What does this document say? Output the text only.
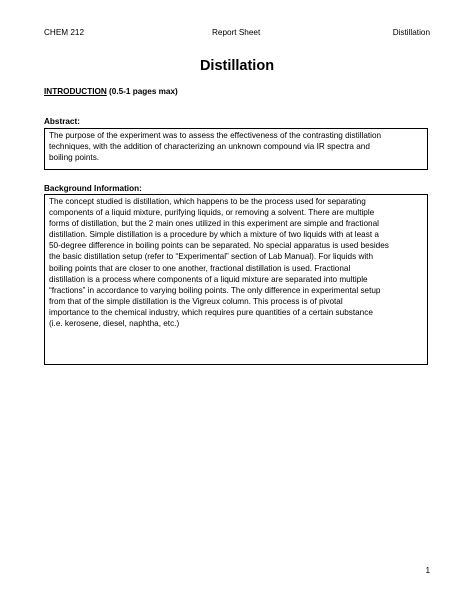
CHEM 212	Report Sheet	Distillation
Distillation
INTRODUCTION (0.5-1 pages max)
Abstract:

The purpose of the experiment was to assess the effectiveness of the contrasting distillation
techniques, with the addition of characterizing an unknown compound via IR spectra and
boiling points.

Background Information:

The concept studied is distillation, which happens to be the process used for separating
components of a liquid mixture, purifying liquids, or removing a solvent. There are multiple
forms of distillation, but the 2 main ones utilized in this experiment are simple and fractional
distillation. Simple distillation is a procedure by which a mixture of two liquids with at least a
50-degree difference in boiling points can be separated. No special apparatus is used besides
the basic distillation setup (refer to “Experimental” section of Lab Manual). For liquids with
boiling points that are closer to one another, fractional distillation is used. Fractional
distillation is a process where components of a liquid mixture are separated into multiple
“fractions” in accordance to varying boiling points. The only difference in experimental setup
from that of the simple distillation is the Vigreux column. This process is of pivotal
importance to the chemical industry, which requires pure quantities of a certain substance
(i.e. kerosene, diesel, naphtha, etc.)

1
